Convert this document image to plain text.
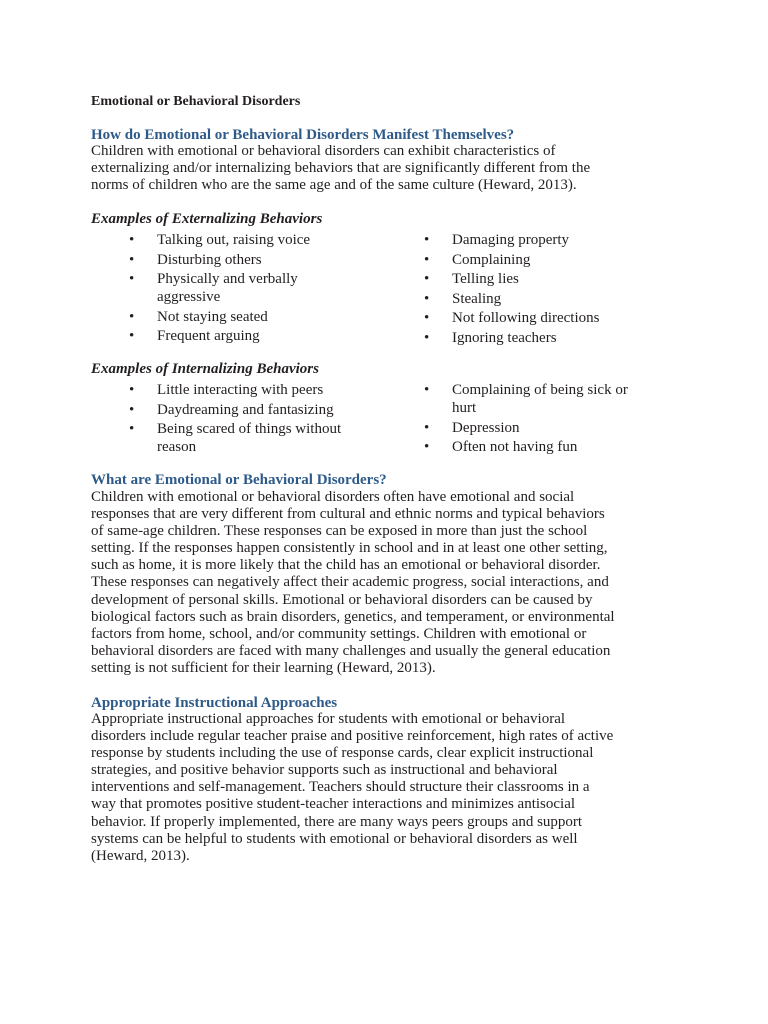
Emotional or Behavioral Disorders
How do Emotional or Behavioral Disorders Manifest Themselves?

Children with emotional or behavioral disorders can exhibit characteristics of
externalizing and/or internalizing behaviors that are significantly different from the
norms of children who are the same age and of the same culture (Heward, 2013).

Examples of Externalizing Behaviors
• Talking out, raising voice
• Disturbing others
• Physically and verbally aggressive
• Not staying seated
• Frequent arguing
• Damaging property
• Complaining
• Telling lies
• Stealing
• Not following directions
• Ignoring teachers
Examples of Internalizing Behaviors
• Little interacting with peers
• Daydreaming and fantasizing
• Being scared of things without reason
• Complaining of being sick or hurt
• Depression
• Often not having fun
What are Emotional or Behavioral Disorders?

Children with emotional or behavioral disorders often have emotional and social
responses that are very different from cultural and ethnic norms and typical behaviors
of same-age children. These responses can be exposed in more than just the school
setting. If the responses happen consistently in school and in at least one other setting,
such as home, it is more likely that the child has an emotional or behavioral disorder.
These responses can negatively affect their academic progress, social interactions, and
development of personal skills. Emotional or behavioral disorders can be caused by
biological factors such as brain disorders, genetics, and temperament, or environmental
factors from home, school, and/or community settings. Children with emotional or
behavioral disorders are faced with many challenges and usually the general education
setting is not sufficient for their learning (Heward, 2013).

Appropriate Instructional Approaches

Appropriate instructional approaches for students with emotional or behavioral
disorders include regular teacher praise and positive reinforcement, high rates of active
response by students including the use of response cards, clear explicit instructional
strategies, and positive behavior supports such as instructional and behavioral
interventions and self-management. Teachers should structure their classrooms in a
way that promotes positive student-teacher interactions and minimizes antisocial
behavior. If properly implemented, there are many ways peers groups and support
systems can be helpful to students with emotional or behavioral disorders as well
(Heward, 2013).
